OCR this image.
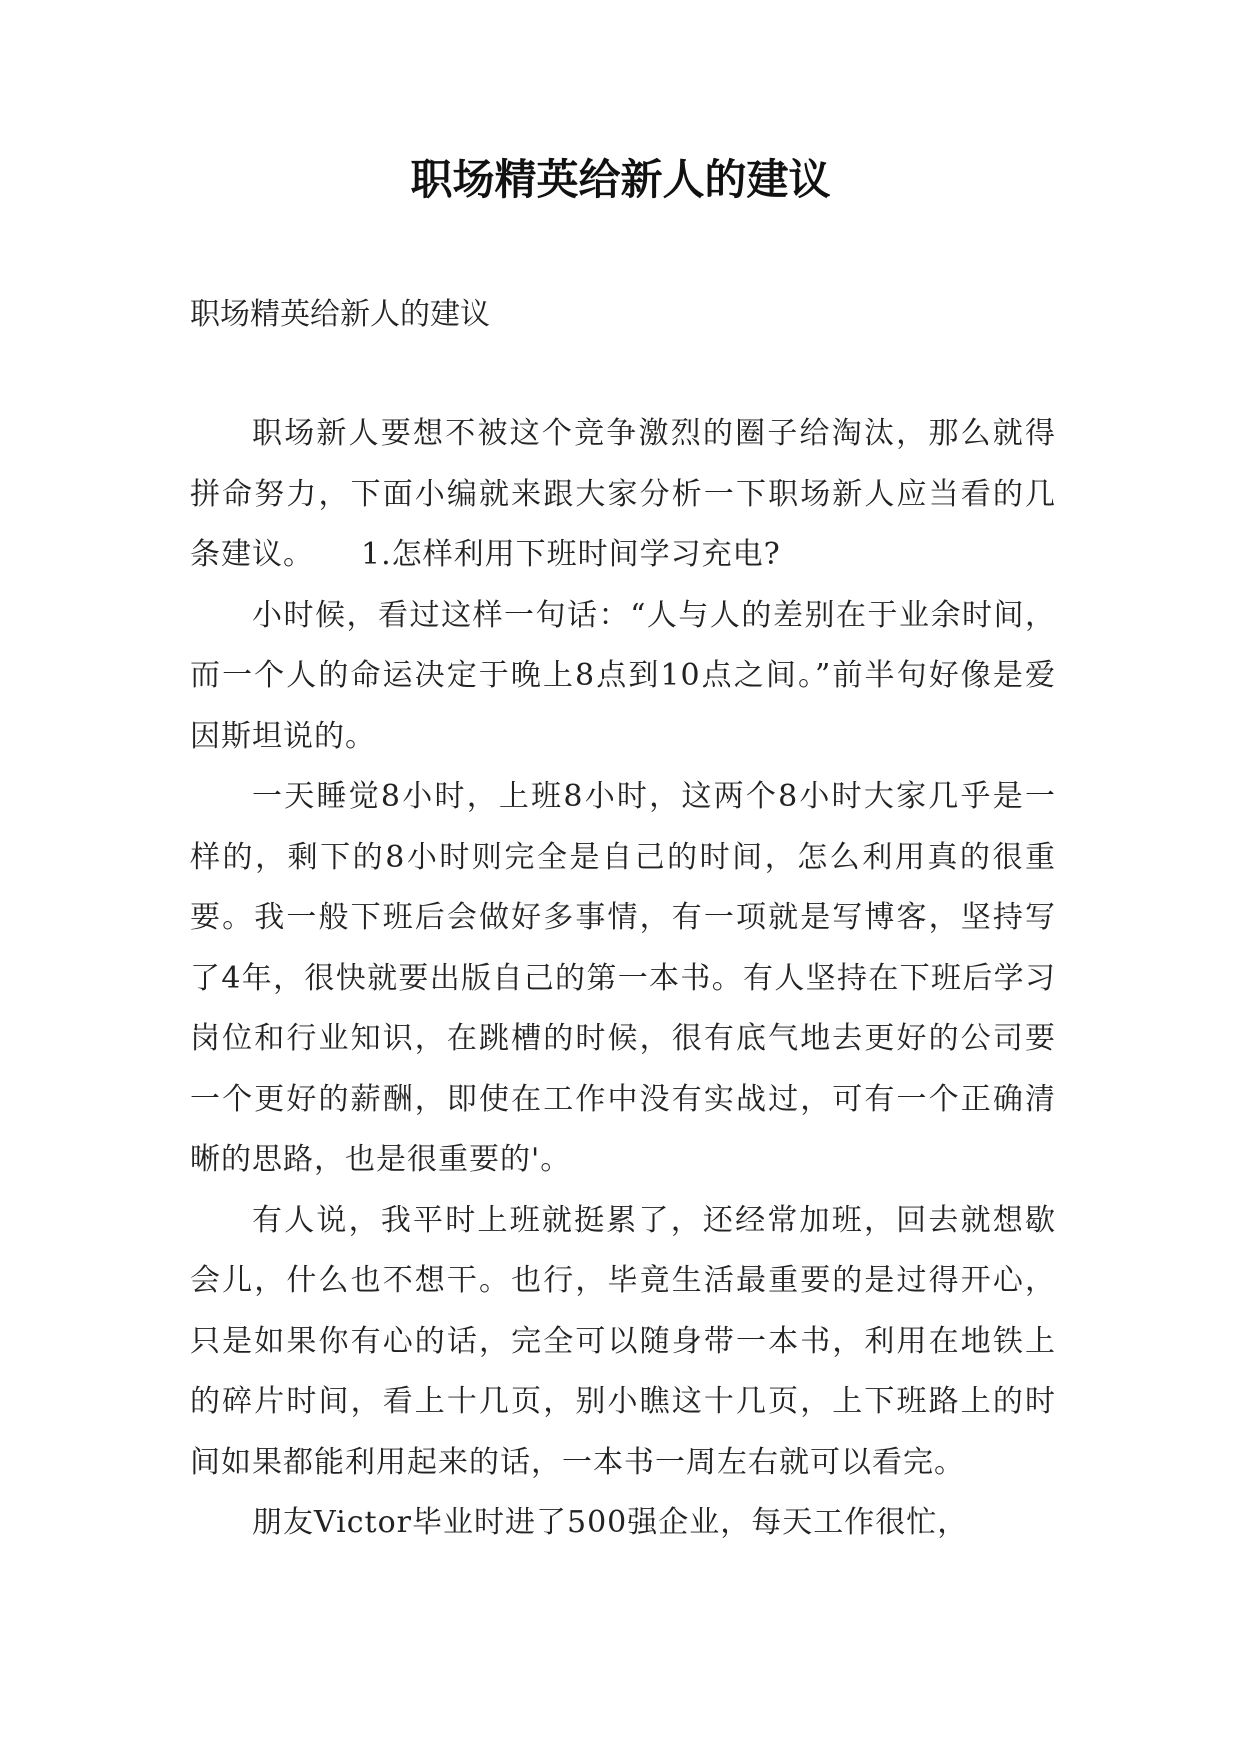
职场精英给新人的建议

职场精英给新人的建议

职场新人要想不被这个竞争激烈的圈子给淘汰，那么就得拼命努力，下面小编就来跟大家分析一下职场新人应当看的几条建议。　　1.怎样利用下班时间学习充电?

小时候，看过这样一句话：“人与人的差别在于业余时间，而一个人的命运决定于晚上8点到10点之间。”前半句好像是爱因斯坦说的。

一天睡觉8小时，上班8小时，这两个8小时大家几乎是一样的，剩下的8小时则完全是自己的时间，怎么利用真的很重要。我一般下班后会做好多事情，有一项就是写博客，坚持写了4年，很快就要出版自己的第一本书。有人坚持在下班后学习岗位和行业知识，在跳槽的时候，很有底气地去更好的公司要一个更好的薪酬，即使在工作中没有实战过，可有一个正确清晰的思路，也是很重要的'。

有人说，我平时上班就挺累了，还经常加班，回去就想歇会儿，什么也不想干。也行，毕竟生活最重要的是过得开心，只是如果你有心的话，完全可以随身带一本书，利用在地铁上的碎片时间，看上十几页，别小瞧这十几页，上下班路上的时间如果都能利用起来的话，一本书一周左右就可以看完。

朋友Victor毕业时进了500强企业，每天工作很忙，
